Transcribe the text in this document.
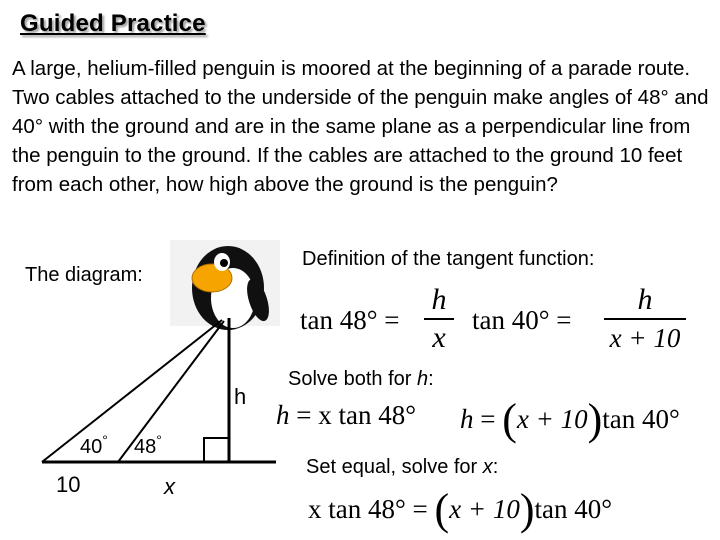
Guided Practice

A large, helium-filled penguin is moored at the beginning of a parade route. Two cables attached to the underside of the penguin make angles of 48° and 40° with the ground and are in the same plane as a perpendicular line from the penguin to the ground. If the cables are attached to the ground 10 feet from each other, how high above the ground is the penguin?

The diagram:
h
40° 48°
10	x
Definition of the tangent function:
tan 48° =
h
x
tan 40° =
h
x + 10
Solve both for h:
h = x tan 48° h = (x + 10)tan 40°
Set equal, solve for x:
x tan 48° = (x + 10)tan 40°
